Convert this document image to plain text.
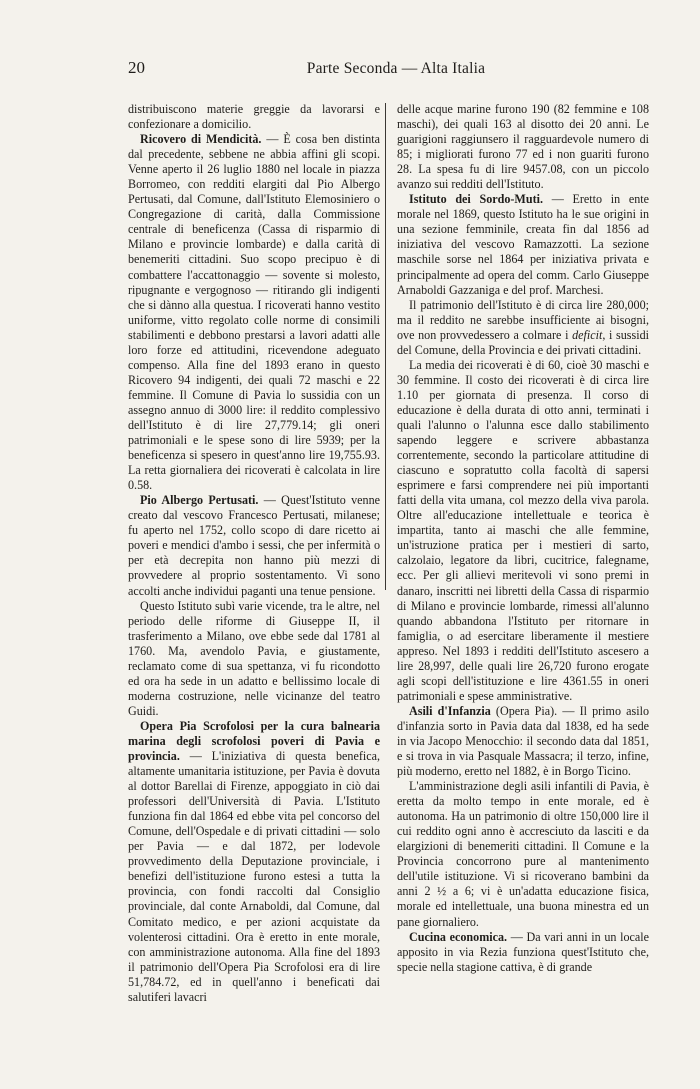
20	Parte Seconda — Alta Italia

distribuiscono materie greggie da lavorarsi e confezionare a domicilio.

Ricovero di Mendicità. — È cosa ben distinta dal precedente, sebbene ne abbia affini gli scopi. Venne aperto il 26 luglio 1880 nel locale in piazza Borromeo, con redditi elargiti dal Pio Albergo Pertusati, dal Comune, dall'Istituto Elemosiniero o Congregazione di carità, dalla Commissione centrale di beneficenza (Cassa di risparmio di Milano e provincie lombarde) e dalla carità di benemeriti cittadini. Suo scopo precipuo è di combattere l'accattonaggio — sovente si molesto, ripugnante e vergognoso — ritirando gli indigenti che si dànno alla questua. I ricoverati hanno vestito uniforme, vitto regolato colle norme di consimili stabilimenti e debbono prestarsi a lavori adatti alle loro forze ed attitudini, ricevendone adeguato compenso. Alla fine del 1893 erano in questo Ricovero 94 indigenti, dei quali 72 maschi e 22 femmine. Il Comune di Pavia lo sussidia con un assegno annuo di 3000 lire: il reddito complessivo dell'Istituto è di lire 27,779.14; gli oneri patrimoniali e le spese sono di lire 5939; per la beneficenza si spesero in quest'anno lire 19,755.93. La retta giornaliera dei ricoverati è calcolata in lire 0.58.

Pio Albergo Pertusati. — Quest'Istituto venne creato dal vescovo Francesco Pertusati, milanese; fu aperto nel 1752, collo scopo di dare ricetto ai poveri e mendici d'ambo i sessi, che per infermità o per età decrepita non hanno più mezzi di provvedere al proprio sostentamento. Vi sono accolti anche individui paganti una tenue pensione.

Questo Istituto subì varie vicende, tra le altre, nel periodo delle riforme di Giuseppe II, il trasferimento a Milano, ove ebbe sede dal 1781 al 1760. Ma, avendolo Pavia, e giustamente, reclamato come di sua spettanza, vi fu ricondotto ed ora ha sede in un adatto e bellissimo locale di moderna costruzione, nelle vicinanze del teatro Guidi.

Opera Pia Scrofolosi per la cura balnearia marina degli scrofolosi poveri di Pavia e provincia. — L'iniziativa di questa benefica, altamente umanitaria istituzione, per Pavia è dovuta al dottor Barellai di Firenze, appoggiato in ciò dai professori dell'Università di Pavia. L'Istituto funziona fin dal 1864 ed ebbe vita pel concorso del Comune, dell'Ospedale e di privati cittadini — solo per Pavia — e dal 1872, per lodevole provvedimento della Deputazione provinciale, i benefizi dell'istituzione furono estesi a tutta la provincia, con fondi raccolti dal Consiglio provinciale, dal conte Arnaboldi, dal Comune, dal Comitato medico, e per azioni acquistate da volenterosi cittadini. Ora è eretto in ente morale, con amministrazione autonoma. Alla fine del 1893 il patrimonio dell'Opera Pia Scrofolosi era di lire 51,784.72, ed in quell'anno i beneficati dai salutiferi lavacri

delle acque marine furono 190 (82 femmine e 108 maschi), dei quali 163 al disotto dei 20 anni. Le guarigioni raggiunsero il ragguardevole numero di 85; i migliorati furono 77 ed i non guariti furono 28. La spesa fu di lire 9457.08, con un piccolo avanzo sui redditi dell'Istituto.

Istituto dei Sordo-Muti. — Eretto in ente morale nel 1869, questo Istituto ha le sue origini in una sezione femminile, creata fin dal 1856 ad iniziativa del vescovo Ramazzotti. La sezione maschile sorse nel 1864 per iniziativa privata e principalmente ad opera del comm. Carlo Giuseppe Arnaboldi Gazzaniga e del prof. Marchesi.

Il patrimonio dell'Istituto è di circa lire 280,000; ma il reddito ne sarebbe insufficiente ai bisogni, ove non provvedessero a colmare i deficit, i sussidi del Comune, della Provincia e dei privati cittadini.

La media dei ricoverati è di 60, cioè 30 maschi e 30 femmine. Il costo dei ricoverati è di circa lire 1.10 per giornata di presenza. Il corso di educazione è della durata di otto anni, terminati i quali l'alunno o l'alunna esce dallo stabilimento sapendo leggere e scrivere abbastanza correntemente, secondo la particolare attitudine di ciascuno e sopratutto colla facoltà di sapersi esprimere e farsi comprendere nei più importanti fatti della vita umana, col mezzo della viva parola. Oltre all'educazione intellettuale e teorica è impartita, tanto ai maschi che alle femmine, un'istruzione pratica per i mestieri di sarto, calzolaio, legatore da libri, cucitrice, falegname, ecc. Per gli allievi meritevoli vi sono premi in danaro, inscritti nei libretti della Cassa di risparmio di Milano e provincie lombarde, rimessi all'alunno quando abbandona l'Istituto per ritornare in famiglia, o ad esercitare liberamente il mestiere appreso. Nel 1893 i redditi dell'Istituto ascesero a lire 28,997, delle quali lire 26,720 furono erogate agli scopi dell'istituzione e lire 4361.55 in oneri patrimoniali e spese amministrative.

Asili d'Infanzia (Opera Pia). — Il primo asilo d'infanzia sorto in Pavia data dal 1838, ed ha sede in via Jacopo Menocchio: il secondo data dal 1851, e si trova in via Pasquale Massacra; il terzo, infine, più moderno, eretto nel 1882, è in Borgo Ticino.

L'amministrazione degli asili infantili di Pavia, è eretta da molto tempo in ente morale, ed è autonoma. Ha un patrimonio di oltre 150,000 lire il cui reddito ogni anno è accresciuto da lasciti e da elargizioni di benemeriti cittadini. Il Comune e la Provincia concorrono pure al mantenimento dell'utile istituzione. Vi si ricoverano bambini da anni 2 ½ a 6; vi è un'adatta educazione fisica, morale ed intellettuale, una buona minestra ed un pane giornaliero.

Cucina economica. — Da vari anni in un locale apposito in via Rezia funziona quest'Istituto che, specie nella stagione cattiva, è di grande
